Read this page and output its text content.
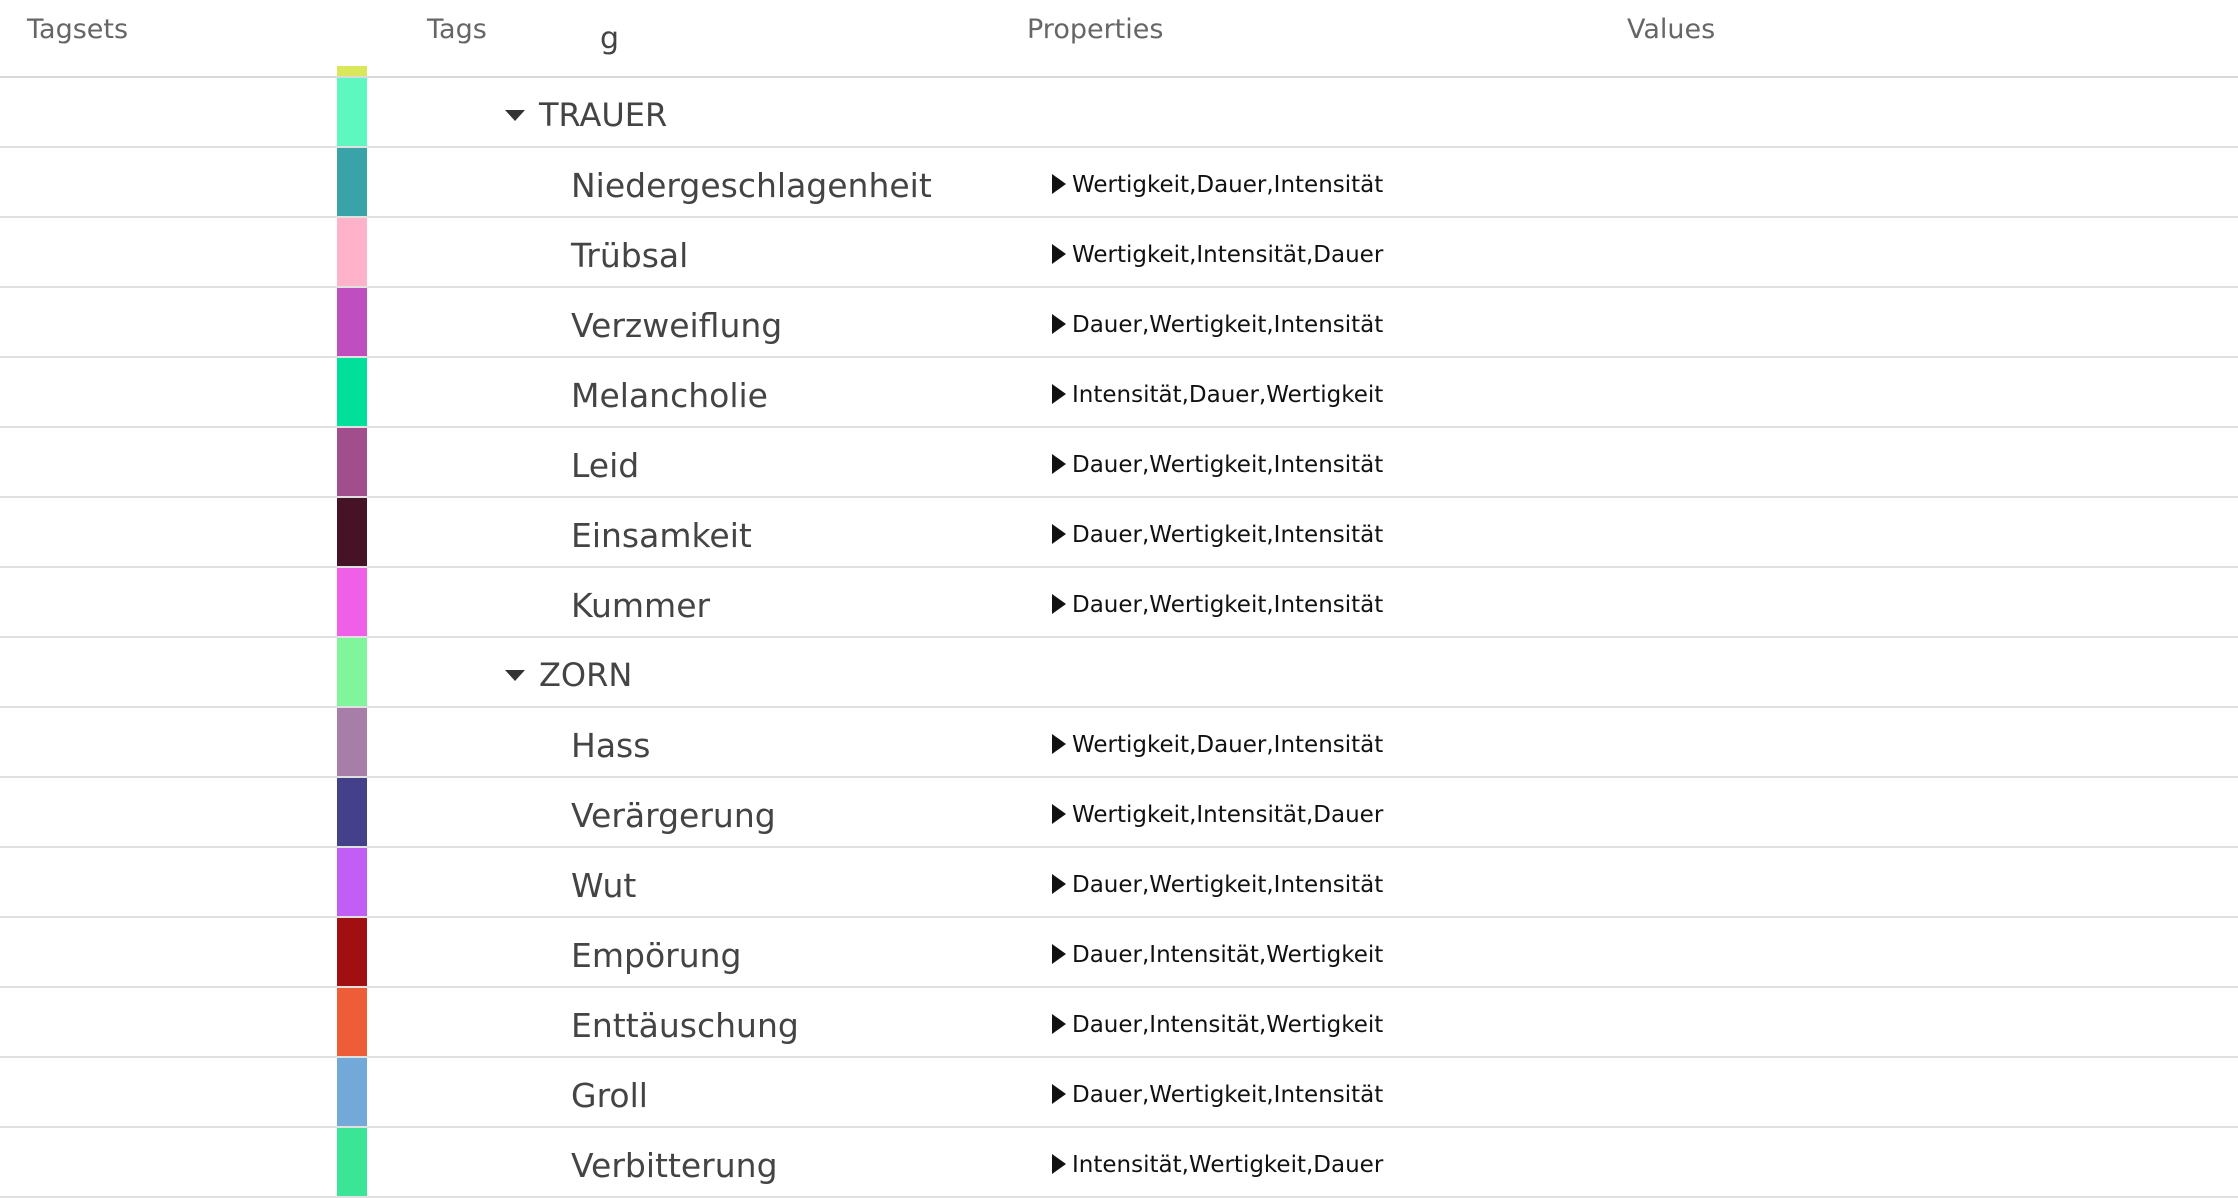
Tagsets	Tags	Properties	Values
g
TRAUER
Niedergeschlagenheit	Wertigkeit,Dauer,Intensität
Trübsal	Wertigkeit,Intensität,Dauer
Verzweiflung	Dauer,Wertigkeit,Intensität
Melancholie	Intensität,Dauer,Wertigkeit
Leid	Dauer,Wertigkeit,Intensität
Einsamkeit	Dauer,Wertigkeit,Intensität
Kummer	Dauer,Wertigkeit,Intensität
ZORN
Hass	Wertigkeit,Dauer,Intensität
Verärgerung	Wertigkeit,Intensität,Dauer
Wut	Dauer,Wertigkeit,Intensität
Empörung	Dauer,Intensität,Wertigkeit
Enttäuschung	Dauer,Intensität,Wertigkeit
Groll	Dauer,Wertigkeit,Intensität
Verbitterung	Intensität,Wertigkeit,Dauer
